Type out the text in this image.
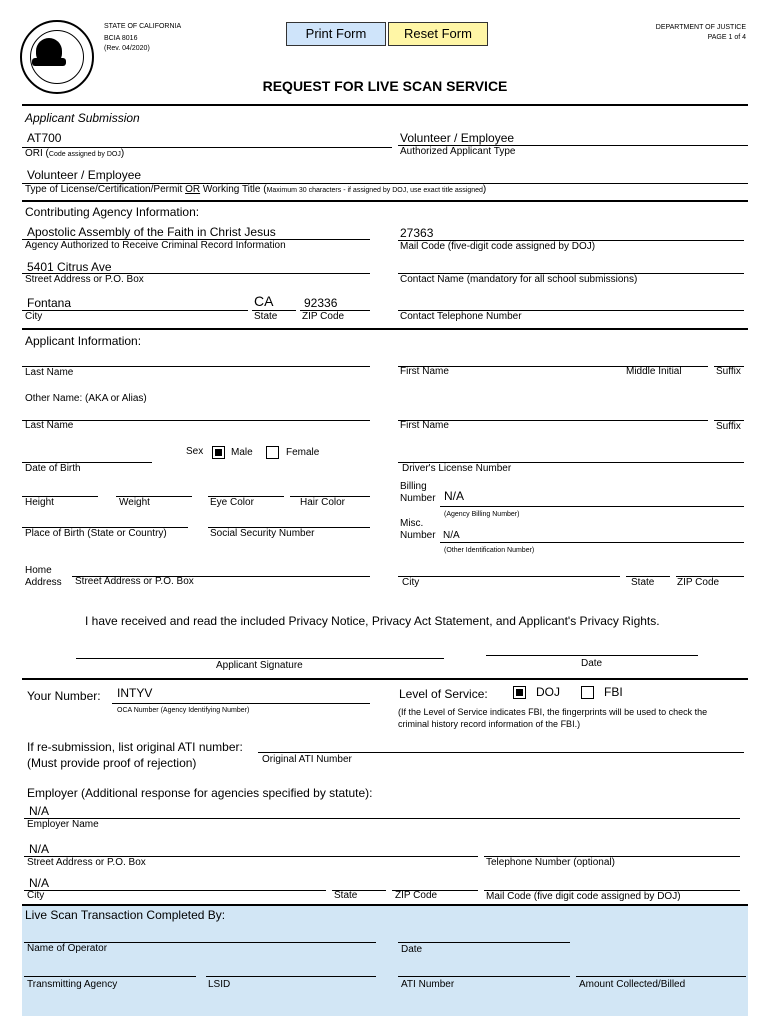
STATE OF CALIFORNIA
BCIA 8016
(Rev. 04/2020)
Print Form	Reset Form	DEPARTMENT OF JUSTICE
PAGE 1 of 4
REQUEST FOR LIVE SCAN SERVICE
Applicant Submission
AT700
ORI (Code assigned by DOJ)
Volunteer / Employee
Authorized Applicant Type
Volunteer / Employee
Type of License/Certification/Permit OR Working Title (Maximum 30 characters - if assigned by DOJ, use exact title assigned)
Contributing Agency Information:
Apostolic Assembly of the Faith in Christ Jesus
Agency Authorized to Receive Criminal Record Information
27363
Mail Code (five-digit code assigned by DOJ)
5401 Citrus Ave
Street Address or P.O. Box	Contact Name (mandatory for all school submissions)
Fontana
City
CA
State
92336
ZIP Code	Contact Telephone Number
Applicant Information:
Last Name	First Name	Middle Initial	Suffix
Other Name: (AKA or Alias)
Last Name	First Name	Suffix
Sex	Male	Female
Date of Birth	Driver's License Number
Height	Weight	Eye Color	Hair Color
Billing
Number N/A
(Agency Billing Number)
Place of Birth (State or Country)	Social Security Number
Misc.
Number N/A
(Other Identification Number)
Home
Address Street Address or P.O. Box	City	State ZIP Code
I have received and read the included Privacy Notice, Privacy Act Statement, and Applicant's Privacy Rights.
Applicant Signature	Date
Your Number: INTYV
OCA Number (Agency Identifying Number)
Level of Service:	DOJ	FBI
(If the Level of Service indicates FBI, the fingerprints will be used to check the
criminal history record information of the FBI.)
If re-submission, list original ATI number:
(Must provide proof of rejection)	Original ATI Number
Employer (Additional response for agencies specified by statute):
N/A
Employer Name
N/A
Street Address or P.O. Box	Telephone Number (optional)
N/A
City	State	ZIP Code	Mail Code (five digit code assigned by DOJ)
Live Scan Transaction Completed By:
Name of Operator	Date
Transmitting Agency	LSID	ATI Number	Amount Collected/Billed
